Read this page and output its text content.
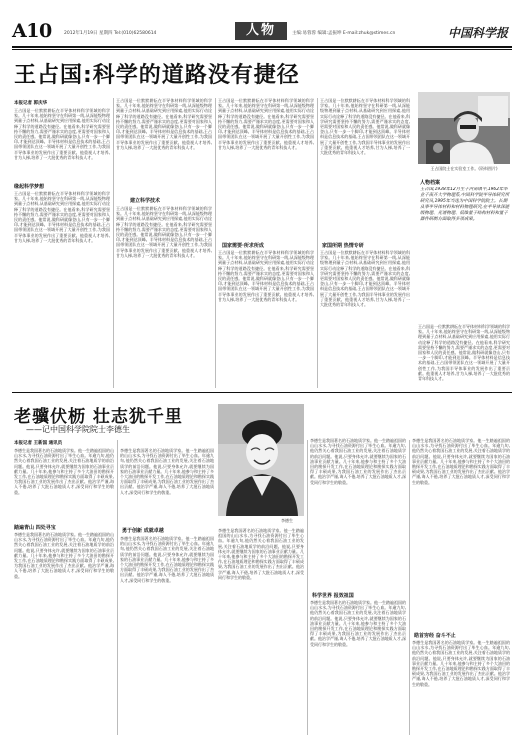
A10	2012年1月19日 星期四 Tel:(010)62580614	人物	主编:易蓉蓉 编辑:孟振坤 E-mail:zhuk@stimes.cn	中国科学报
王占国:科学的道路没有捷径
本报记者 郭庆华
王占国是一位默默耕耘在半导体材料科学领域的科学家。几十年来,他始终坚守在科研第一线,从深能级物理到量子点材料,从基础研究到应用探索,他用实际行动诠释了科学的道路没有捷径。在他看来,科学研究需要坚持不懈的努力,需要严谨求实的态度,更需要对国家和人民的责任感。他常说,做科研就像登山,只有一步一个脚印,才能到达顶峰。半导体材料是信息技术的基础,王占国带领团队在这一领域开展了大量开创性工作,为我国半导体事业的发展作出了重要贡献。他重视人才培养,甘为人梯,培养了一大批优秀的青年科技人才。
缘起科学梦想
王占国是一位默默耕耘在半导体材料科学领域的科学家。几十年来,他始终坚守在科研第一线,从深能级物理到量子点材料,从基础研究到应用探索,他用实际行动诠释了科学的道路没有捷径。在他看来,科学研究需要坚持不懈的努力,需要严谨求实的态度,更需要对国家和人民的责任感。他常说,做科研就像登山,只有一步一个脚印,才能到达顶峰。半导体材料是信息技术的基础,王占国带领团队在这一领域开展了大量开创性工作,为我国半导体事业的发展作出了重要贡献。他重视人才培养,甘为人梯,培养了一大批优秀的青年科技人才。
王占国是一位默默耕耘在半导体材料科学领域的科学家。几十年来,他始终坚守在科研第一线,从深能级物理到量子点材料,从基础研究到应用探索,他用实际行动诠释了科学的道路没有捷径。在他看来,科学研究需要坚持不懈的努力,需要严谨求实的态度,更需要对国家和人民的责任感。他常说,做科研就像登山,只有一步一个脚印,才能到达顶峰。半导体材料是信息技术的基础,王占国带领团队在这一领域开展了大量开创性工作,为我国半导体事业的发展作出了重要贡献。他重视人才培养,甘为人梯,培养了一大批优秀的青年科技人才。
建立科学技术
王占国是一位默默耕耘在半导体材料科学领域的科学家。几十年来,他始终坚守在科研第一线,从深能级物理到量子点材料,从基础研究到应用探索,他用实际行动诠释了科学的道路没有捷径。在他看来,科学研究需要坚持不懈的努力,需要严谨求实的态度,更需要对国家和人民的责任感。他常说,做科研就像登山,只有一步一个脚印,才能到达顶峰。半导体材料是信息技术的基础,王占国带领团队在这一领域开展了大量开创性工作,为我国半导体事业的发展作出了重要贡献。他重视人才培养,甘为人梯,培养了一大批优秀的青年科技人才。
王占国是一位默默耕耘在半导体材料科学领域的科学家。几十年来,他始终坚守在科研第一线,从深能级物理到量子点材料,从基础研究到应用探索,他用实际行动诠释了科学的道路没有捷径。在他看来,科学研究需要坚持不懈的努力,需要严谨求实的态度,更需要对国家和人民的责任感。他常说,做科研就像登山,只有一步一个脚印,才能到达顶峰。半导体材料是信息技术的基础,王占国带领团队在这一领域开展了大量开创性工作,为我国半导体事业的发展作出了重要贡献。他重视人才培养,甘为人梯,培养了一大批优秀的青年科技人才。
国家需要·所求所成
王占国是一位默默耕耘在半导体材料科学领域的科学家。几十年来,他始终坚守在科研第一线,从深能级物理到量子点材料,从基础研究到应用探索,他用实际行动诠释了科学的道路没有捷径。在他看来,科学研究需要坚持不懈的努力,需要严谨求实的态度,更需要对国家和人民的责任感。他常说,做科研就像登山,只有一步一个脚印,才能到达顶峰。半导体材料是信息技术的基础,王占国带领团队在这一领域开展了大量开创性工作,为我国半导体事业的发展作出了重要贡献。他重视人才培养,甘为人梯,培养了一大批优秀的青年科技人才。
王占国是一位默默耕耘在半导体材料科学领域的科学家。几十年来,他始终坚守在科研第一线,从深能级物理到量子点材料,从基础研究到应用探索,他用实际行动诠释了科学的道路没有捷径。在他看来,科学研究需要坚持不懈的努力,需要严谨求实的态度,更需要对国家和人民的责任感。他常说,做科研就像登山,只有一步一个脚印,才能到达顶峰。半导体材料是信息技术的基础,王占国带领团队在这一领域开展了大量开创性工作,为我国半导体事业的发展作出了重要贡献。他重视人才培养,甘为人梯,培养了一大批优秀的青年科技人才。
家国所期 热情专研
王占国是一位默默耕耘在半导体材料科学领域的科学家。几十年来,他始终坚守在科研第一线,从深能级物理到量子点材料,从基础研究到应用探索,他用实际行动诠释了科学的道路没有捷径。在他看来,科学研究需要坚持不懈的努力,需要严谨求实的态度,更需要对国家和人民的责任感。他常说,做科研就像登山,只有一步一个脚印,才能到达顶峰。半导体材料是信息技术的基础,王占国带领团队在这一领域开展了大量开创性工作,为我国半导体事业的发展作出了重要贡献。他重视人才培养,甘为人梯,培养了一大批优秀的青年科技人才。
王占国院士在实验室工作。(资料图片)
人物档案
王占国,1938年12月生于河南镇平,1962年毕业于南开大学物理系,中国科学院半导体研究所研究员,1995年当选为中国科学院院士。长期从事半导体材料和材料物理研究,在半导体深能级物理、光谱物理、低维量子结构材料和量子器件研制方面取得多项成果。
王占国是一位默默耕耘在半导体材料科学领域的科学家。几十年来,他始终坚守在科研第一线,从深能级物理到量子点材料,从基础研究到应用探索,他用实际行动诠释了科学的道路没有捷径。在他看来,科学研究需要坚持不懈的努力,需要严谨求实的态度,更需要对国家和人民的责任感。他常说,做科研就像登山,只有一步一个脚印,才能到达顶峰。半导体材料是信息技术的基础,王占国带领团队在这一领域开展了大量开创性工作,为我国半导体事业的发展作出了重要贡献。他重视人才培养,甘为人梯,培养了一大批优秀的青年科技人才。
老骥伏枥 壮志犹千里
——记中国科学院院士李德生
本报记者 王新国 通讯员
李德生是我国著名的石油地质学家。他一生踏遍祖国的山山水水,为寻找石油资源付出了毕生心血。年逾九旬,他仍然关心着我国石油工业的发展,关注着石油地质学的前沿问题。他说,只要身体允许,就要继续为国家的石油事业贡献力量。几十年来,他参与和主持了多个大油田的勘探开发工作,在石油地质理论和勘探实践方面取得了丰硕成果,为我国石油工业的发展作出了杰出贡献。他治学严谨,诲人不倦,培养了大批石油地质人才,深受同行和学生的敬重。
踏遍青山 四处寻宝
李德生是我国著名的石油地质学家。他一生踏遍祖国的山山水水,为寻找石油资源付出了毕生心血。年逾九旬,他仍然关心着我国石油工业的发展,关注着石油地质学的前沿问题。他说,只要身体允许,就要继续为国家的石油事业贡献力量。几十年来,他参与和主持了多个大油田的勘探开发工作,在石油地质理论和勘探实践方面取得了丰硕成果,为我国石油工业的发展作出了杰出贡献。他治学严谨,诲人不倦,培养了大批石油地质人才,深受同行和学生的敬重。
李德生是我国著名的石油地质学家。他一生踏遍祖国的山山水水,为寻找石油资源付出了毕生心血。年逾九旬,他仍然关心着我国石油工业的发展,关注着石油地质学的前沿问题。他说,只要身体允许,就要继续为国家的石油事业贡献力量。几十年来,他参与和主持了多个大油田的勘探开发工作,在石油地质理论和勘探实践方面取得了丰硕成果,为我国石油工业的发展作出了杰出贡献。他治学严谨,诲人不倦,培养了大批石油地质人才,深受同行和学生的敬重。
勇于创新 成就卓越
李德生是我国著名的石油地质学家。他一生踏遍祖国的山山水水,为寻找石油资源付出了毕生心血。年逾九旬,他仍然关心着我国石油工业的发展,关注着石油地质学的前沿问题。他说,只要身体允许,就要继续为国家的石油事业贡献力量。几十年来,他参与和主持了多个大油田的勘探开发工作,在石油地质理论和勘探实践方面取得了丰硕成果,为我国石油工业的发展作出了杰出贡献。他治学严谨,诲人不倦,培养了大批石油地质人才,深受同行和学生的敬重。
李德生
李德生是我国著名的石油地质学家。他一生踏遍祖国的山山水水,为寻找石油资源付出了毕生心血。年逾九旬,他仍然关心着我国石油工业的发展,关注着石油地质学的前沿问题。他说,只要身体允许,就要继续为国家的石油事业贡献力量。几十年来,他参与和主持了多个大油田的勘探开发工作,在石油地质理论和勘探实践方面取得了丰硕成果,为我国石油工业的发展作出了杰出贡献。他治学严谨,诲人不倦,培养了大批石油地质人才,深受同行和学生的敬重。
李德生是我国著名的石油地质学家。他一生踏遍祖国的山山水水,为寻找石油资源付出了毕生心血。年逾九旬,他仍然关心着我国石油工业的发展,关注着石油地质学的前沿问题。他说,只要身体允许,就要继续为国家的石油事业贡献力量。几十年来,他参与和主持了多个大油田的勘探开发工作,在石油地质理论和勘探实践方面取得了丰硕成果,为我国石油工业的发展作出了杰出贡献。他治学严谨,诲人不倦,培养了大批石油地质人才,深受同行和学生的敬重。
科学世界 报效祖国
李德生是我国著名的石油地质学家。他一生踏遍祖国的山山水水,为寻找石油资源付出了毕生心血。年逾九旬,他仍然关心着我国石油工业的发展,关注着石油地质学的前沿问题。他说,只要身体允许,就要继续为国家的石油事业贡献力量。几十年来,他参与和主持了多个大油田的勘探开发工作,在石油地质理论和勘探实践方面取得了丰硕成果,为我国石油工业的发展作出了杰出贡献。他治学严谨,诲人不倦,培养了大批石油地质人才,深受同行和学生的敬重。
李德生是我国著名的石油地质学家。他一生踏遍祖国的山山水水,为寻找石油资源付出了毕生心血。年逾九旬,他仍然关心着我国石油工业的发展,关注着石油地质学的前沿问题。他说,只要身体允许,就要继续为国家的石油事业贡献力量。几十年来,他参与和主持了多个大油田的勘探开发工作,在石油地质理论和勘探实践方面取得了丰硕成果,为我国石油工业的发展作出了杰出贡献。他治学严谨,诲人不倦,培养了大批石油地质人才,深受同行和学生的敬重。
皓首穷经 奋斗不止
李德生是我国著名的石油地质学家。他一生踏遍祖国的山山水水,为寻找石油资源付出了毕生心血。年逾九旬,他仍然关心着我国石油工业的发展,关注着石油地质学的前沿问题。他说,只要身体允许,就要继续为国家的石油事业贡献力量。几十年来,他参与和主持了多个大油田的勘探开发工作,在石油地质理论和勘探实践方面取得了丰硕成果,为我国石油工业的发展作出了杰出贡献。他治学严谨,诲人不倦,培养了大批石油地质人才,深受同行和学生的敬重。
